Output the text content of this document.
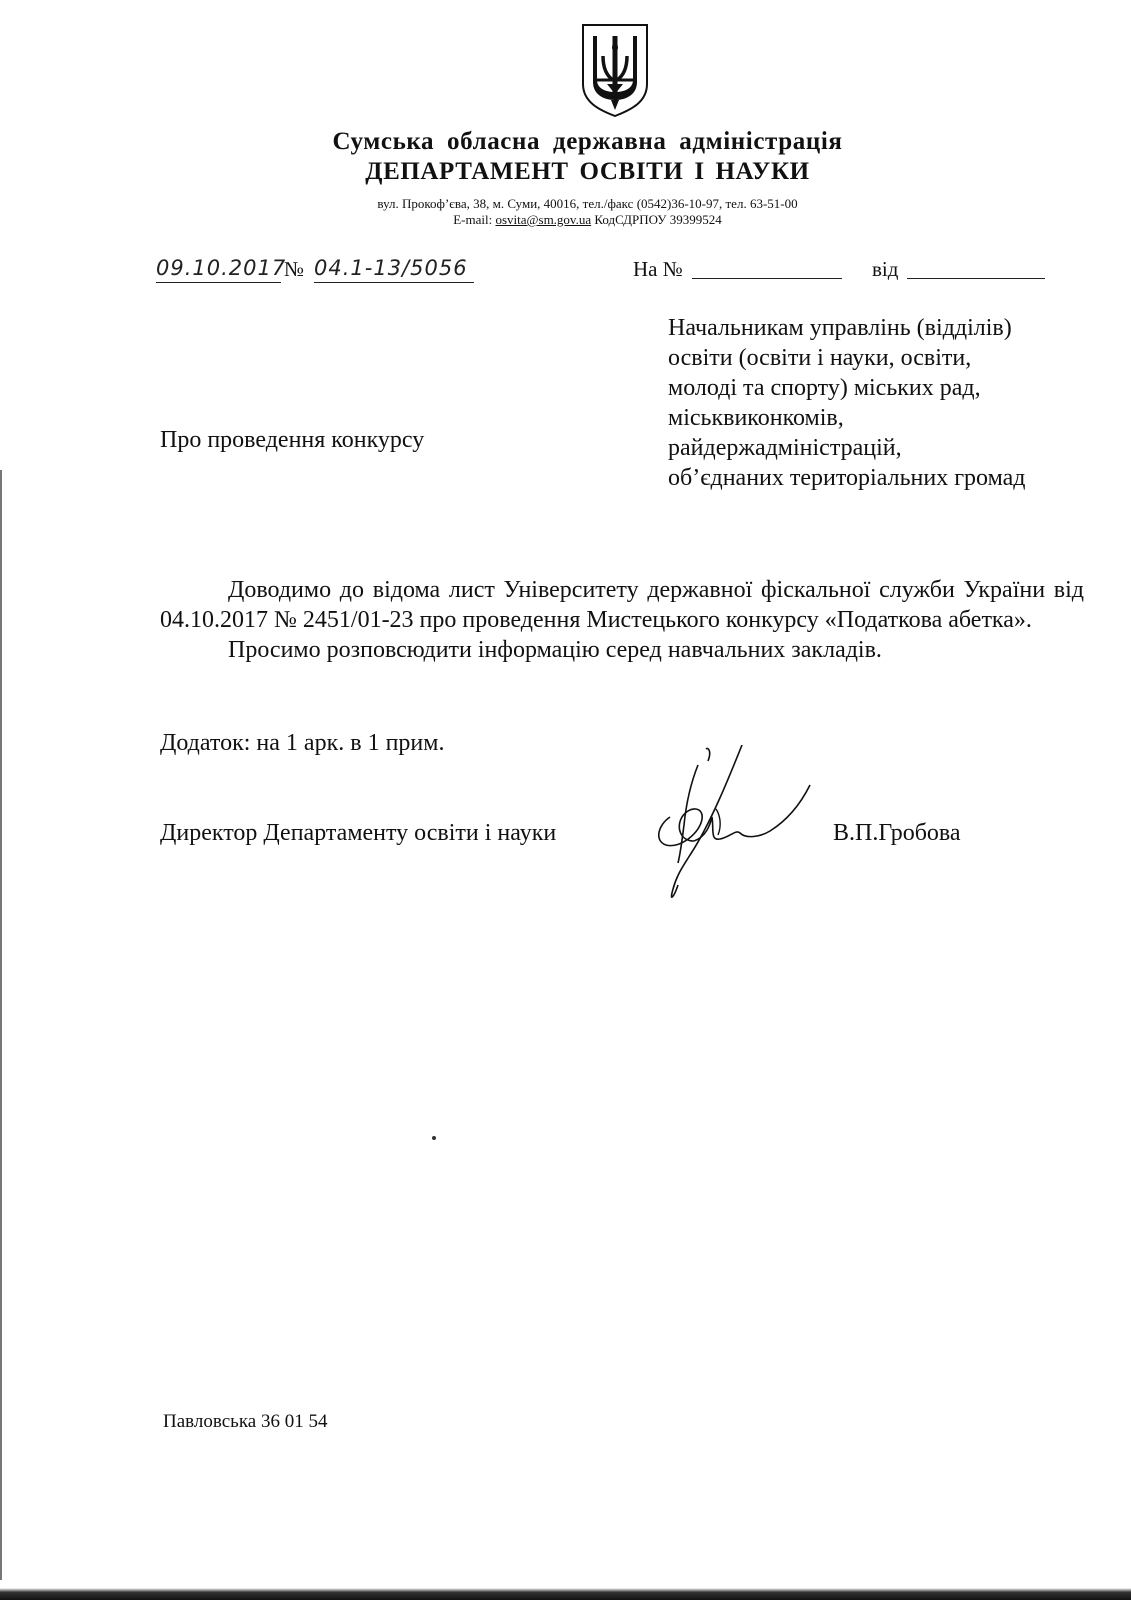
Сумська обласна державна адміністрація
ДЕПАРТАМЕНТ ОСВІТИ І НАУКИ
вул. Прокоф’єва, 38, м. Суми, 40016, тел./факс (0542)36-10-97, тел. 63-51-00
E-mail: osvita@sm.gov.ua КодСДРПОУ 39399524
09.10.2017
№ 04.1-13/5056	На №	від
Начальникам управлінь (відділів)
освіти (освіти і науки, освіти,
молоді та спорту) міських рад,
міськвиконкомів,
райдержадміністрацій,
об’єднаних територіальних громад
Про проведення конкурсу

Доводимо до відома лист Університету державної фіскальної служби України від 04.10.2017 № 2451/01-23 про проведення Мистецького конкурсу «Податкова абетка».

Просимо розповсюдити інформацію серед навчальних закладів.

Додаток: на 1 арк. в 1 прим.
Директор Департаменту освіти і науки	В.П.Гробова
Павловська 36 01 54
